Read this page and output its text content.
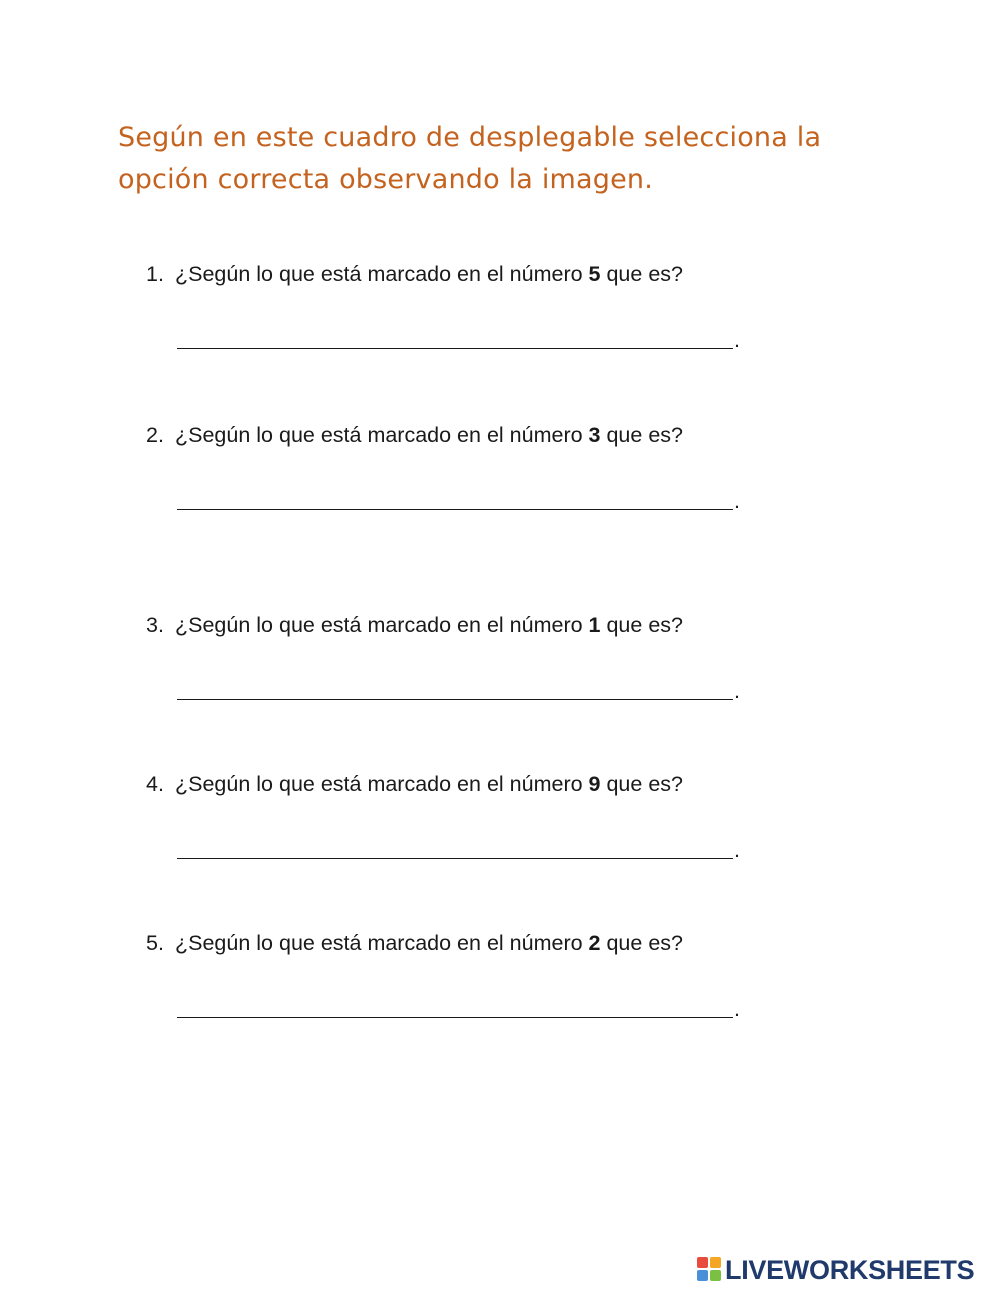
Según en este cuadro de desplegable selecciona la opción correcta observando la imagen.
1. ¿Según lo que está marcado en el número 5 que es?
.
2. ¿Según lo que está marcado en el número 3 que es?
.
3. ¿Según lo que está marcado en el número 1 que es?
.
4. ¿Según lo que está marcado en el número 9 que es?
.
5. ¿Según lo que está marcado en el número 2 que es?
.
LIVEWORKSHEETS
